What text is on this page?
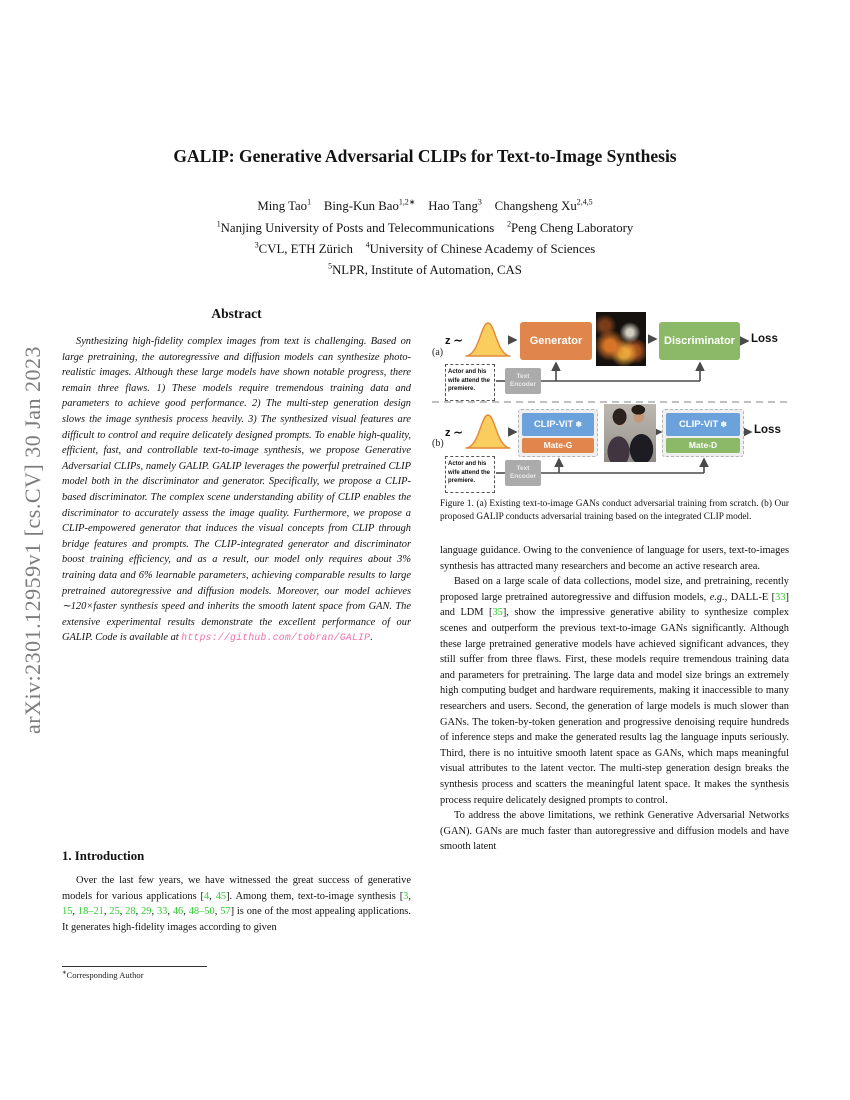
arXiv:2301.12959v1 [cs.CV] 30 Jan 2023
GALIP: Generative Adversarial CLIPs for Text-to-Image Synthesis
Ming Tao$^1$ Bing-Kun Bao$^{1,2∗}$ Hao Tang$^3$ Changsheng Xu$^{2,4,5}$
$^1$Nanjing University of Posts and Telecommunications $^2$Peng Cheng Laboratory
$^3$CVL, ETH Zürich $^4$University of Chinese Academy of Sciences
$^5$NLPR, Institute of Automation, CAS
Abstract
Synthesizing high-fidelity complex images from text is challenging. Based on large pretraining, the autoregressive and diffusion models can synthesize photo-realistic images. Although these large models have shown notable progress, there remain three flaws. 1) These models require tremendous training data and parameters to achieve good performance. 2) The multi-step generation design slows the image synthesis process heavily. 3) The synthesized visual features are difficult to control and require delicately designed prompts. To enable high-quality, efficient, fast, and controllable text-to-image synthesis, we propose Generative Adversarial CLIPs, namely GALIP. GALIP leverages the powerful pretrained CLIP model both in the discriminator and generator. Specifically, we propose a CLIP-based discriminator. The complex scene understanding ability of CLIP enables the discriminator to accurately assess the image quality. Furthermore, we propose a CLIP-empowered generator that induces the visual concepts from CLIP through bridge features and prompts. The CLIP-integrated generator and discriminator boost training efficiency, and as a result, our model only requires about 3% training data and 6% learnable parameters, achieving comparable results to large pretrained autoregressive and diffusion models. Moreover, our model achieves ∼120×faster synthesis speed and inherits the smooth latent space from GAN. The extensive experimental results demonstrate the excellent performance of our GALIP. Code is available at https://github.com/tobran/GALIP.
1. Introduction
Over the last few years, we have witnessed the great success of generative models for various applications [4, 45]. Among them, text-to-image synthesis [3, 15, 18–21, 25, 28, 29, 33, 46, 48–50, 57] is one of the most appealing applications. It generates high-fidelity images according to given
∗Corresponding Author
(a)
z ∼	Generator	Discriminator	Loss
Actor and his wife attend the premiere.
Text Encoder
(b)
z ∼
CLIP-ViT ❄
Mate-G
CLIP-ViT ❄
Mate-D
Loss
Actor and his wife attend the premiere.
Text Encoder
Figure 1. (a) Existing text-to-image GANs conduct adversarial training from scratch. (b) Our proposed GALIP conducts adversarial training based on the integrated CLIP model.

language guidance. Owing to the convenience of language for users, text-to-images synthesis has attracted many researchers and become an active research area.

Based on a large scale of data collections, model size, and pretraining, recently proposed large pretrained autoregressive and diffusion models, e.g., DALL-E [33] and LDM [35], show the impressive generative ability to synthesize complex scenes and outperform the previous text-to-image GANs significantly. Although these large pretrained generative models have achieved significant advances, they still suffer from three flaws. First, these models require tremendous training data and parameters for pretraining. The large data and model size brings an extremely high computing budget and hardware requirements, making it inaccessible to many researchers and users. Second, the generation of large models is much slower than GANs. The token-by-token generation and progressive denoising require hundreds of inference steps and make the generated results lag the language inputs seriously. Third, there is no intuitive smooth latent space as GANs, which maps meaningful visual attributes to the latent vector. The multi-step generation design breaks the synthesis process and scatters the meaningful latent space. It makes the synthesis process require delicately designed prompts to control.

To address the above limitations, we rethink Generative Adversarial Networks (GAN). GANs are much faster than autoregressive and diffusion models and have smooth latent
